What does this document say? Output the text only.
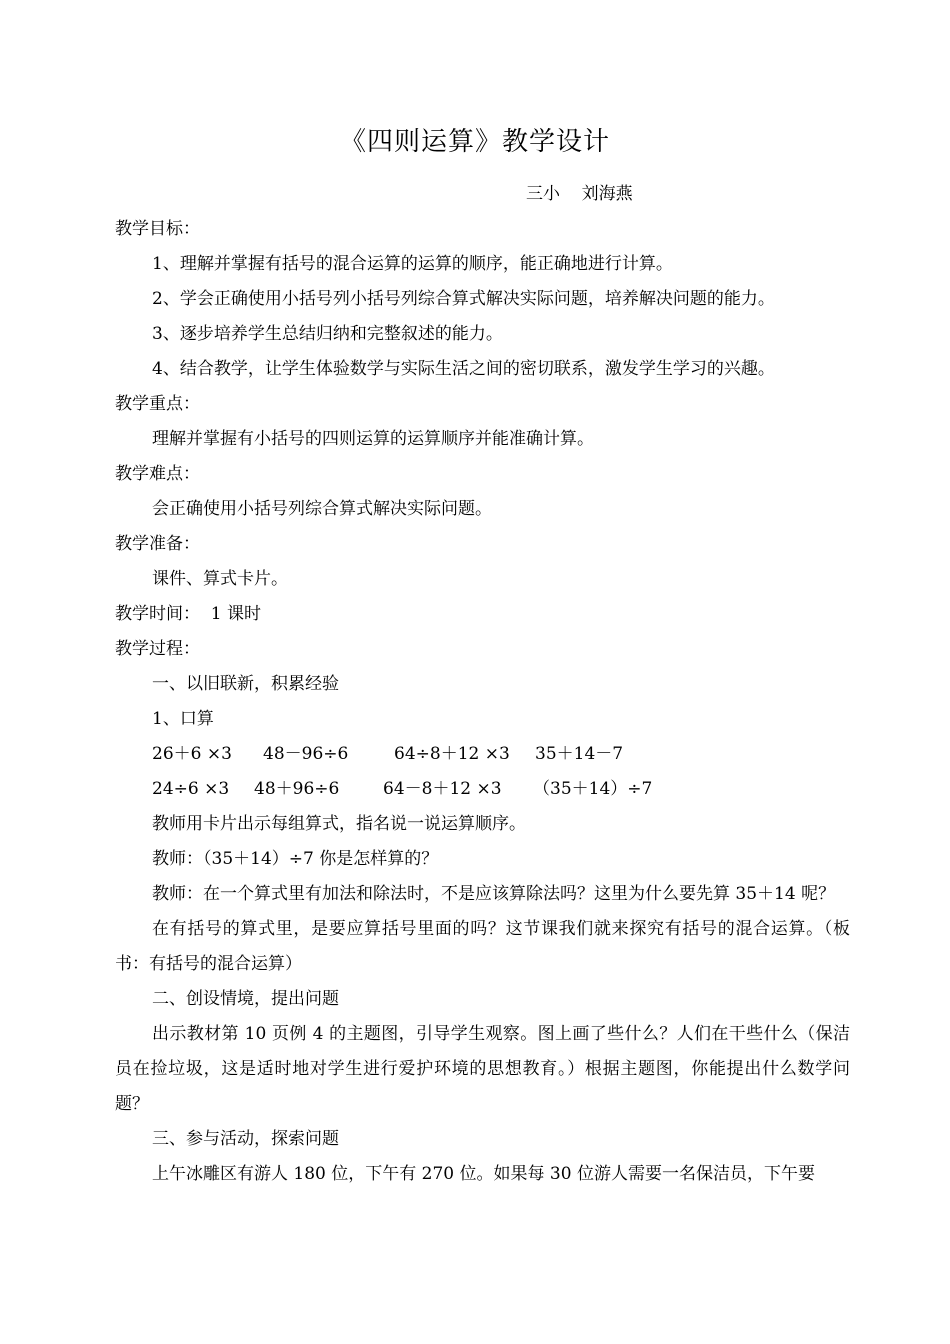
《四则运算》教学设计
三小    刘海燕

教学目标：

1、理解并掌握有括号的混合运算的运算的顺序，能正确地进行计算。

2、学会正确使用小括号列小括号列综合算式解决实际问题，培养解决问题的能力。

3、逐步培养学生总结归纳和完整叙述的能力。

4、结合教学，让学生体验数学与实际生活之间的密切联系，激发学生学习的兴趣。

教学重点：

理解并掌握有小括号的四则运算的运算顺序并能准确计算。

教学难点：

会正确使用小括号列综合算式解决实际问题。

教学准备：

课件、算式卡片。

教学时间：  1 课时

教学过程：

一、以旧联新，积累经验

1、口算

26＋6 ×3	48－96÷6	64÷8＋12 ×3	35＋14－7
24÷6 ×3	48＋96÷6	64－8＋12 ×3	（35＋14）÷7

教师用卡片出示每组算式，指名说一说运算顺序。

教师：（35＋14）÷7 你是怎样算的？

教师：在一个算式里有加法和除法时，不是应该算除法吗？这里为什么要先算 35＋14 呢？

在有括号的算式里，是要应算括号里面的吗？这节课我们就来探究有括号的混合运算。（板书：有括号的混合运算）

二、创设情境，提出问题

出示教材第 10 页例 4 的主题图，引导学生观察。图上画了些什么？人们在干些什么（保洁员在捡垃圾，这是适时地对学生进行爱护环境的思想教育。）根据主题图，你能提出什么数学问题？

三、参与活动，探索问题

上午冰雕区有游人 180 位，下午有 270 位。如果每 30 位游人需要一名保洁员，下午要
